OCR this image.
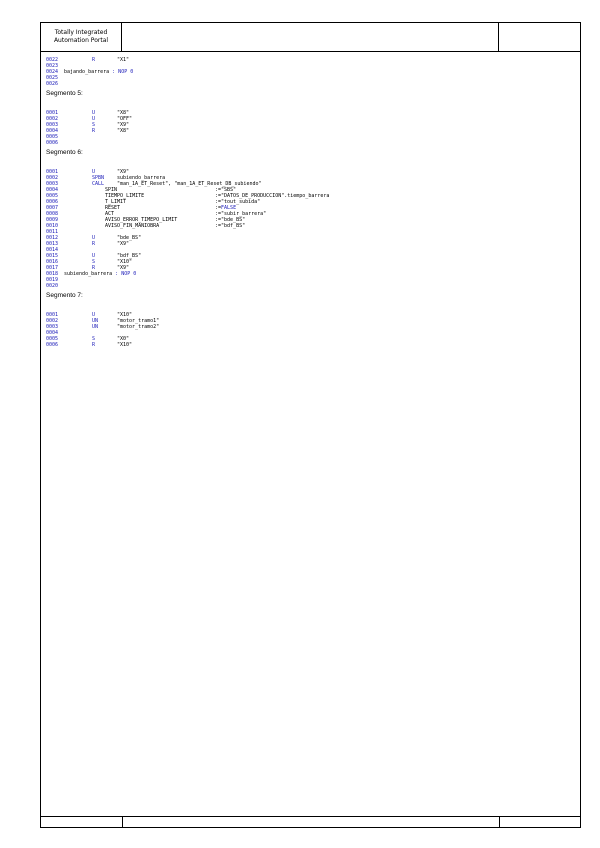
Totally Integrated
Automation Portal
0022	R	"X1"
0023
0024 bajando_barrera : NOP 0
0025
0026
Segmento 5:
0001	U	"X8"
0002	U	"OFF"
0003	S	"X9"
0004	R	"X8"
0005
0006
Segmento 6:
0001	U	"X9"
0002	SPBN	subiendo_barrera
0003	CALL	"man_1A_ET_Reset", "man_1A_ET_Reset_DB_subiendo"
0004	SPIN	:="SBS"
0005	TIEMPO_LIMITE	:="DATOS_DE_PRODUCCION".tiempo_barrera
0006	T_LIMIT	:="tout_subida"
0007	RESET	:=FALSE
0008	ACT	:="subir_barrera"
0009	AVISO_ERROR_TIMEPO_LIMIT	:="bde_BS"
0010	AVISO_FIN_MANIOBRA	:="bdf_BS"
0011
0012	U	"bde_BS"
0013	R	"X9"
0014
0015	U	"bdf_BS"
0016	S	"X10"
0017	R	"X9"
0018 subiendo_barrera : NOP 0
0019
0020
Segmento 7:
0001	U	"X10"
0002	UN	"motor_tramo1"
0003	UN	"motor_tramo2"
0004
0005	S	"X0"
0006	R	"X10"
